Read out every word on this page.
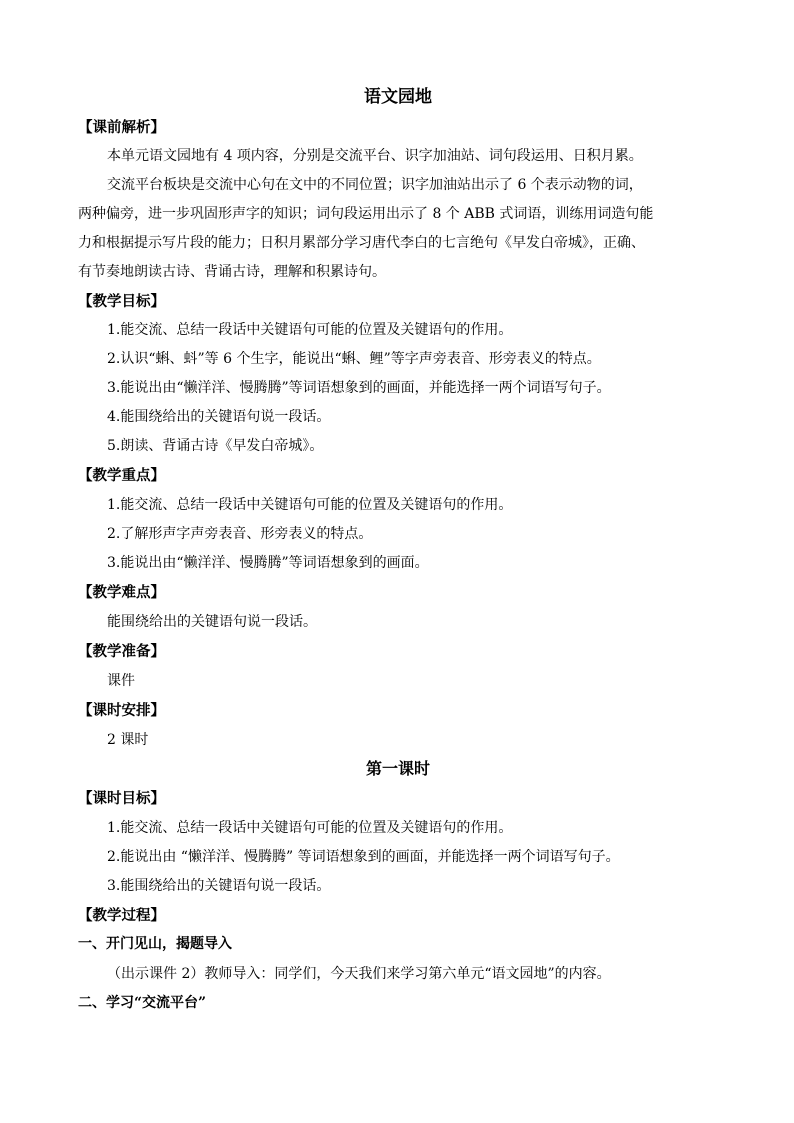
语文园地
【课前解析】
本单元语文园地有 4 项内容，分别是交流平台、识字加油站、词句段运用、日积月累。
交流平台板块是交流中心句在文中的不同位置；识字加油站出示了 6 个表示动物的词，
两种偏旁，进一步巩固形声字的知识；词句段运用出示了 8 个 ABB 式词语，训练用词造句能
力和根据提示写片段的能力；日积月累部分学习唐代李白的七言绝句《早发白帝城》，正确、
有节奏地朗读古诗、背诵古诗，理解和积累诗句。
【教学目标】
1.能交流、总结一段话中关键语句可能的位置及关键语句的作用。
2.认识“蝌、蚪”等 6 个生字，能说出“蝌、鲤”等字声旁表音、形旁表义的特点。
3.能说出由“懒洋洋、慢腾腾”等词语想象到的画面，并能选择一两个词语写句子。
4.能围绕给出的关键语句说一段话。
5.朗读、背诵古诗《早发白帝城》。
【教学重点】
1.能交流、总结一段话中关键语句可能的位置及关键语句的作用。
2.了解形声字声旁表音、形旁表义的特点。
3.能说出由“懒洋洋、慢腾腾”等词语想象到的画面。
【教学难点】
能围绕给出的关键语句说一段话。
【教学准备】
课件
【课时安排】
2 课时
第一课时
【课时目标】
1.能交流、总结一段话中关键语句可能的位置及关键语句的作用。
2.能说出由 “懒洋洋、慢腾腾” 等词语想象到的画面，并能选择一两个词语写句子。
3.能围绕给出的关键语句说一段话。
【教学过程】
一、开门见山，揭题导入
（出示课件 2）教师导入：同学们，今天我们来学习第六单元“语文园地”的内容。
二、学习“交流平台”
